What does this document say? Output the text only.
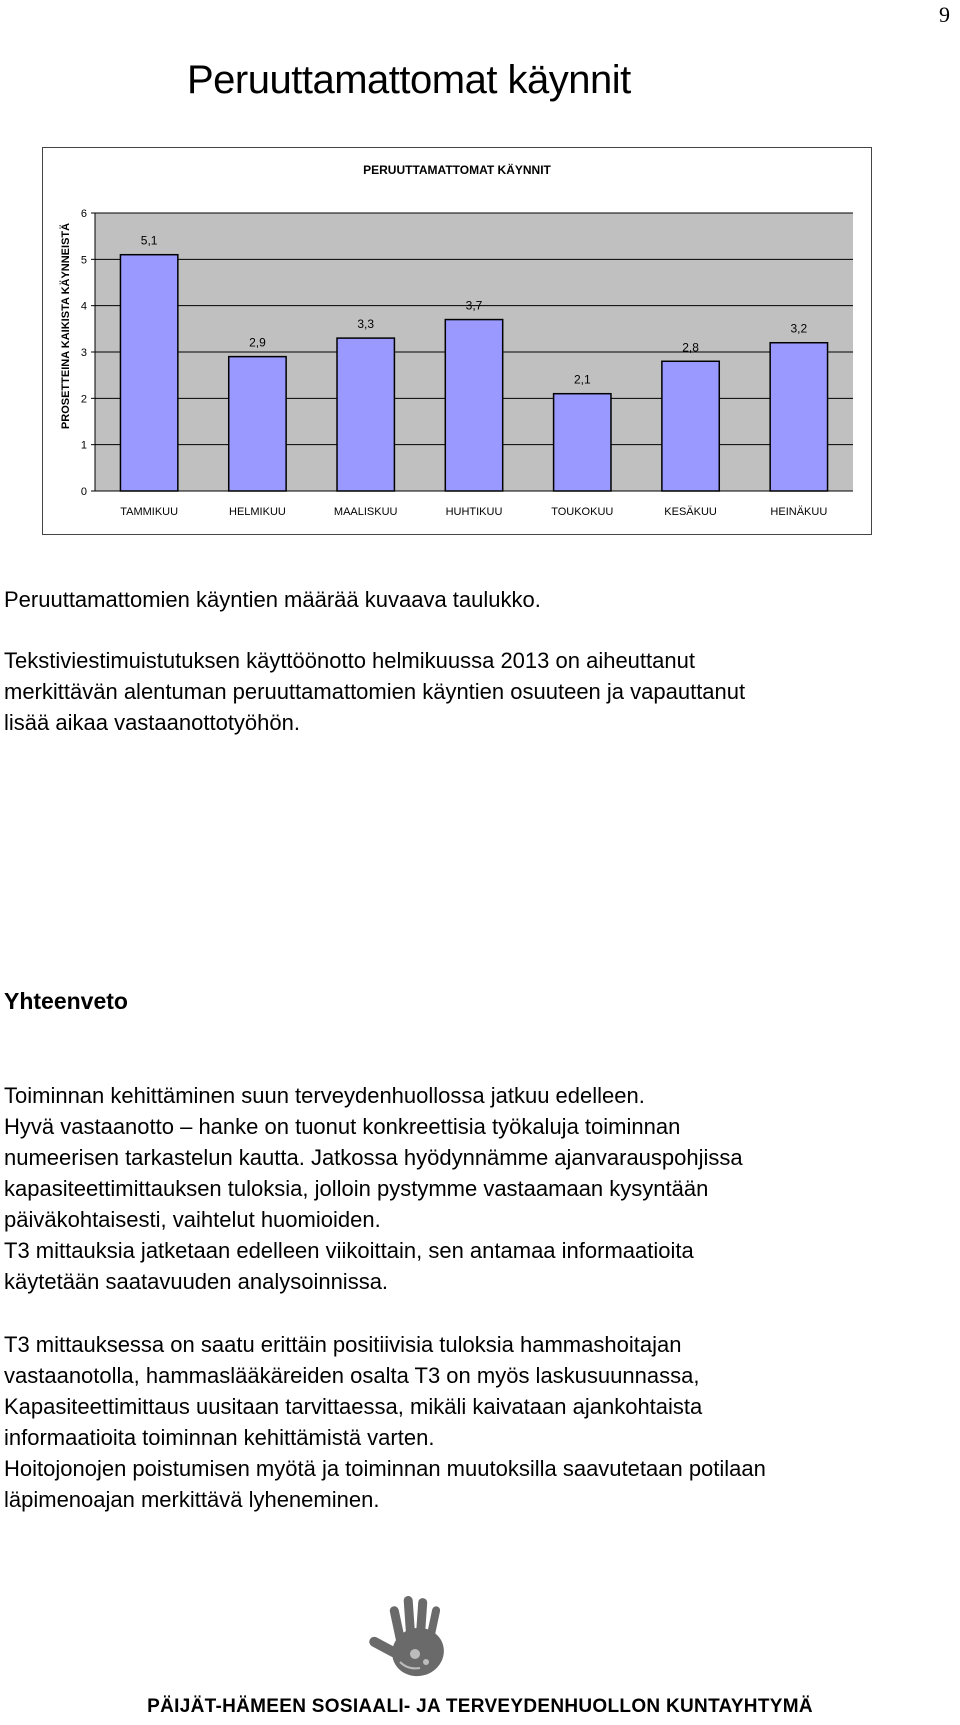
9
Peruuttamattomat käynnit
PERUUTTAMATTOMAT KÄYNNIT
PROSETTEINA KAIKISTA KÄYNNEISTÄ
0
1
2
3
4
5
6
5,1
TAMMIKUU
2,9
HELMIKUU
3,3
MAALISKUU
3,7
HUHTIKUU
2,1
TOUKOKUU
2,8
KESÄKUU
3,2
HEINÄKUU

Peruuttamattomien käyntien määrää kuvaava taulukko.

Tekstiviestimuistutuksen käyttöönotto helmikuussa 2013 on aiheuttanut
merkittävän alentuman peruuttamattomien käyntien osuuteen ja vapauttanut
lisää aikaa vastaanottotyöhön.
Yhteenveto
Toiminnan kehittäminen suun terveydenhuollossa jatkuu edelleen.
Hyvä vastaanotto – hanke on tuonut konkreettisia työkaluja toiminnan
numeerisen tarkastelun kautta. Jatkossa hyödynnämme ajanvarauspohjissa
kapasiteettimittauksen tuloksia, jolloin pystymme vastaamaan kysyntään
päiväkohtaisesti, vaihtelut huomioiden.
T3 mittauksia jatketaan edelleen viikoittain, sen antamaa informaatioita
käytetään saatavuuden analysoinnissa.
T3 mittauksessa on saatu erittäin positiivisia tuloksia hammashoitajan
vastaanotolla, hammaslääkäreiden osalta T3 on myös laskusuunnassa,
Kapasiteettimittaus uusitaan tarvittaessa, mikäli kaivataan ajankohtaista
informaatioita toiminnan kehittämistä varten.
Hoitojonojen poistumisen myötä ja toiminnan muutoksilla saavutetaan potilaan
läpimenoajan merkittävä lyheneminen.
PÄIJÄT-HÄMEEN SOSIAALI- JA TERVEYDENHUOLLON KUNTAYHTYMÄ
